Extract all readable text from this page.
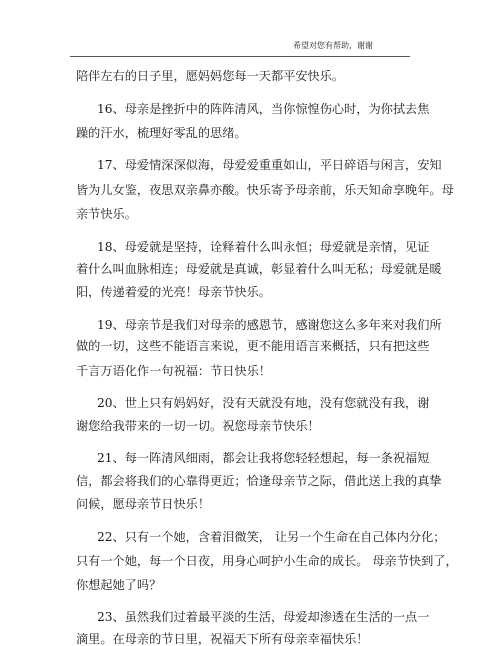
希望对您有帮助，谢谢
陪伴左右的日子里，愿妈妈您每一天都平安快乐。
16、母亲是挫折中的阵阵清风，当你惊惶伤心时，为你拭去焦
躁的汗水，梳理好零乱的思绪。
17、母爱情深深似海，母爱爱重重如山，平日碎语与闲言，安知
皆为儿女鉴，夜思双亲鼻亦酸。快乐寄予母亲前，乐天知命享晚年。母
亲节快乐。
18、母爱就是坚持，诠释着什么叫永恒；母爱就是亲情，见证
着什么叫血脉相连；母爱就是真诚，彰显着什么叫无私；母爱就是暖
阳，传递着爱的光亮！母亲节快乐。
19、母亲节是我们对母亲的感恩节，感谢您这么多年来对我们所
做的一切，这些不能语言来说，更不能用语言来概括，只有把这些
千言万语化作一句祝福：节日快乐！
20、世上只有妈妈好，没有天就没有地，没有您就没有我，谢
谢您给我带来的一切一切。祝您母亲节快乐！
21、每一阵清风细雨，都会让我将您轻轻想起，每一条祝福短
信，都会将我们的心靠得更近；恰逢母亲节之际，借此送上我的真挚
问候，愿母亲节日快乐！
22、只有一个她，含着泪微笑， 让另一个生命在自己体内分化；
只有一个她，每一个日夜，用身心呵护小生命的成长。 母亲节快到了，
你想起她了吗？
23、虽然我们过着最平淡的生活，母爱却渗透在生活的一点一
滴里。在母亲的节日里，祝福天下所有母亲幸福快乐！
